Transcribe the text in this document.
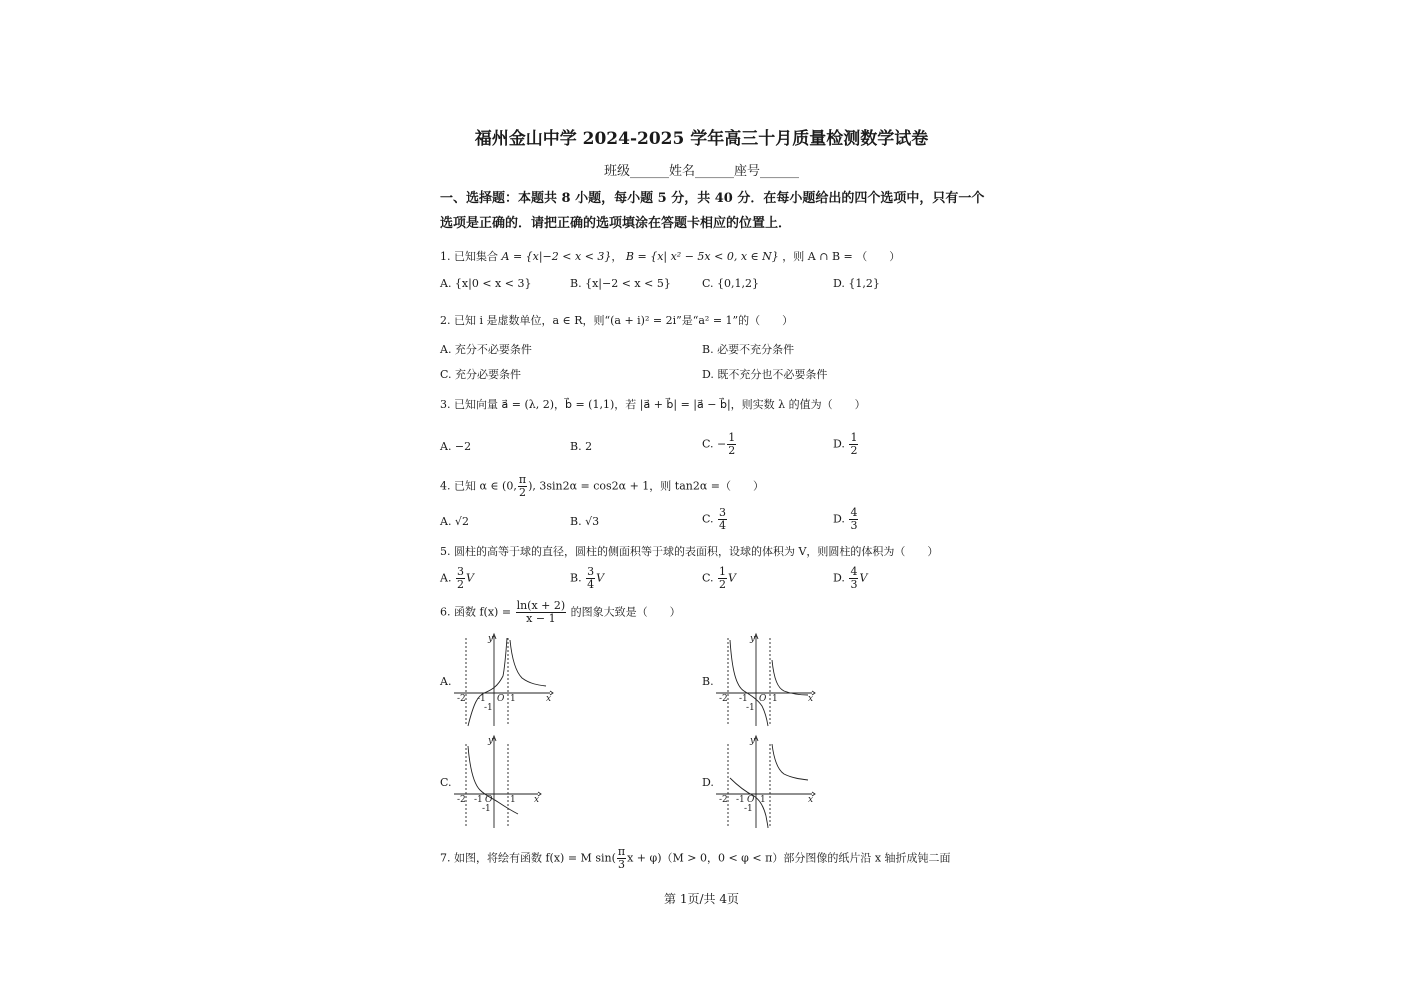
福州金山中学 2024-2025 学年高三十月质量检测数学试卷
班级______姓名______座号______
一、选择题：本题共 8 小题，每小题 5 分，共 40 分．在每小题给出的四个选项中，只有一个
选项是正确的．请把正确的选项填涂在答题卡相应的位置上．
1. 已知集合 A = {x|−2 < x < 3}， B = {x| x² − 5x < 0, x ∈ N} ，则 A ∩ B = （　　）
A. {x|0 < x < 3}	B. {x|−2 < x < 5}	C. {0,1,2}	D. {1,2}
2. 已知 i 是虚数单位，a ∈ R，则“(a + i)² = 2i”是“a² = 1”的（　　）
A. 充分不必要条件	B. 必要不充分条件
C. 充分必要条件	D. 既不充分也不必要条件
3. 已知向量 a⃗ = (λ, 2)，b⃗ = (1,1)，若 |a⃗ + b⃗| = |a⃗ − b⃗|，则实数 λ 的值为（　　）
A. −2	B. 2	C. − $\frac{1}{2}$	D. $\frac{1}{2}$
4. 已知 α ∈ (0, $\frac{\pi}{2}$ ), 3sin2α = cos2α + 1，则 tan2α =（　　）
A. √2	B. √3	C. $\frac{3}{4}$	D. $\frac{4}{3}$
5. 圆柱的高等于球的直径，圆柱的侧面积等于球的表面积，设球的体积为 V，则圆柱的体积为（　　）
A. $\frac{3}{2}$ V	B. $\frac{3}{4}$ V	C. $\frac{1}{2}$ V	D. $\frac{4}{3}$ V
6. 函数 $f(x) = \frac{\ln(x + 2)}{x - 1}$ 的图象大致是（　　）
A.
y
x
O
-2 -1	1
-1
B.
y
x
O
-2 -1	1
-1
C.
y
x
O
-2 -1	1
-1
D.
y
x
O
-2 -1 1
-1
7. 如图，将绘有函数 f(x) = M $\sin( \frac{\pi}{3}$ x + φ)（M > 0，0 < φ < π）部分图像的纸片沿 x 轴折成钝二面
第 1页/共 4页
